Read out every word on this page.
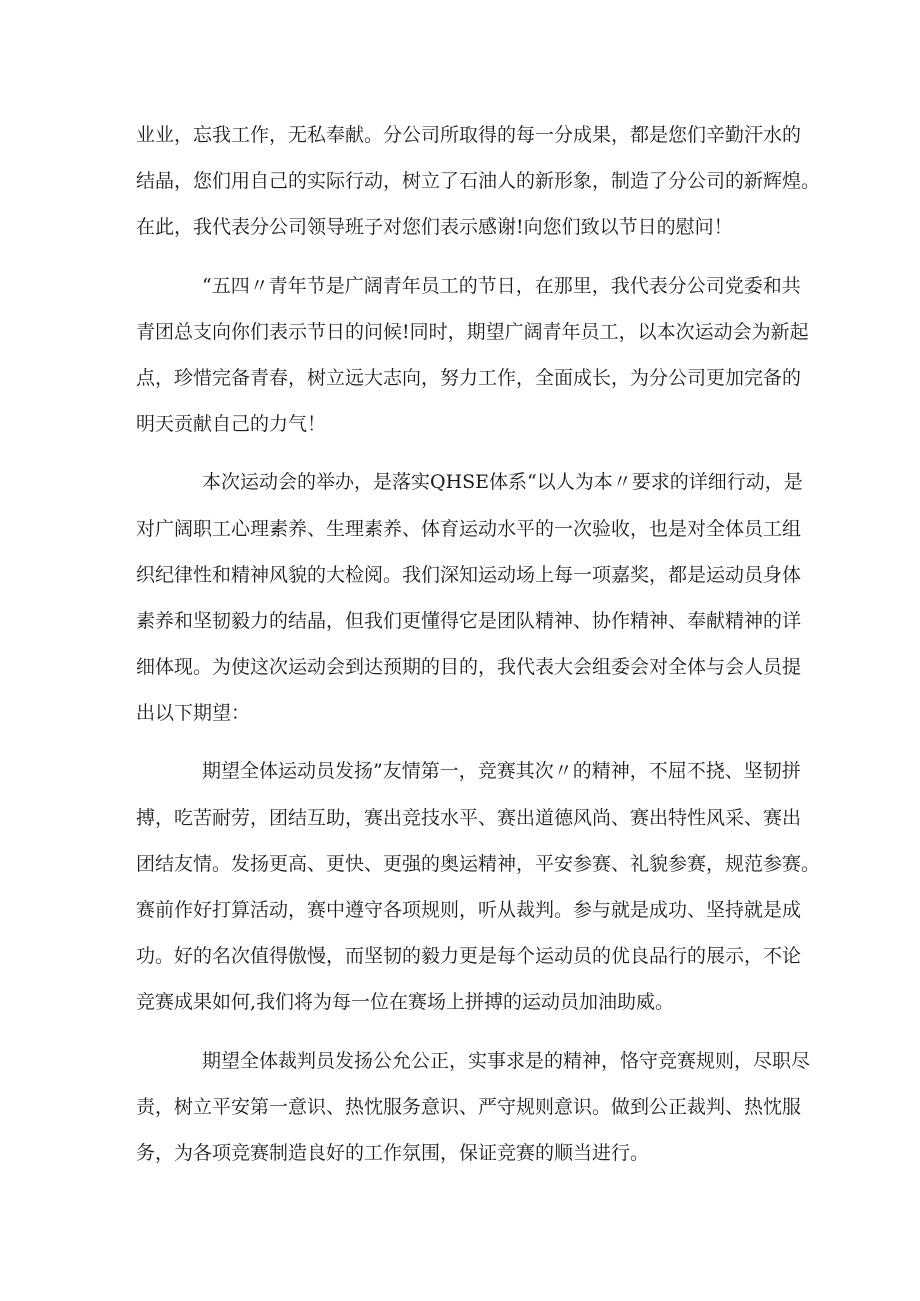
业业，忘我工作，无私奉献。分公司所取得的每一分成果，都是您们辛勤汗水的
结晶，您们用自己的实际行动，树立了石油人的新形象，制造了分公司的新辉煌。
在此，我代表分公司领导班子对您们表示感谢!向您们致以节日的慰问！
“五四〃青年节是广阔青年员工的节日，在那里，我代表分公司党委和共
青团总支向你们表示节日的问候!同时，期望广阔青年员工，以本次运动会为新起
点，珍惜完备青春，树立远大志向，努力工作，全面成长，为分公司更加完备的
明天贡献自己的力气！
本次运动会的举办，是落实QHSE体系“以人为本〃要求的详细行动，是
对广阔职工心理素养、生理素养、体育运动水平的一次验收，也是对全体员工组
织纪律性和精神风貌的大检阅。我们深知运动场上每一项嘉奖，都是运动员身体
素养和坚韧毅力的结晶，但我们更懂得它是团队精神、协作精神、奉献精神的详
细体现。为使这次运动会到达预期的目的，我代表大会组委会对全体与会人员提
出以下期望：
期望全体运动员发扬”友情第一，竞赛其次〃的精神，不屈不挠、坚韧拼
搏，吃苦耐劳，团结互助，赛出竞技水平、赛出道德风尚、赛出特性风采、赛出
团结友情。发扬更高、更快、更强的奥运精神，平安参赛、礼貌参赛，规范参赛。
赛前作好打算活动，赛中遵守各项规则，听从裁判。参与就是成功、坚持就是成
功。好的名次值得傲慢，而坚韧的毅力更是每个运动员的优良品行的展示，不论
竞赛成果如何,我们将为每一位在赛场上拼搏的运动员加油助威。
期望全体裁判员发扬公允公正，实事求是的精神，恪守竞赛规则，尽职尽
责，树立平安第一意识、热忱服务意识、严守规则意识。做到公正裁判、热忱服
务，为各项竞赛制造良好的工作氛围，保证竞赛的顺当进行。
